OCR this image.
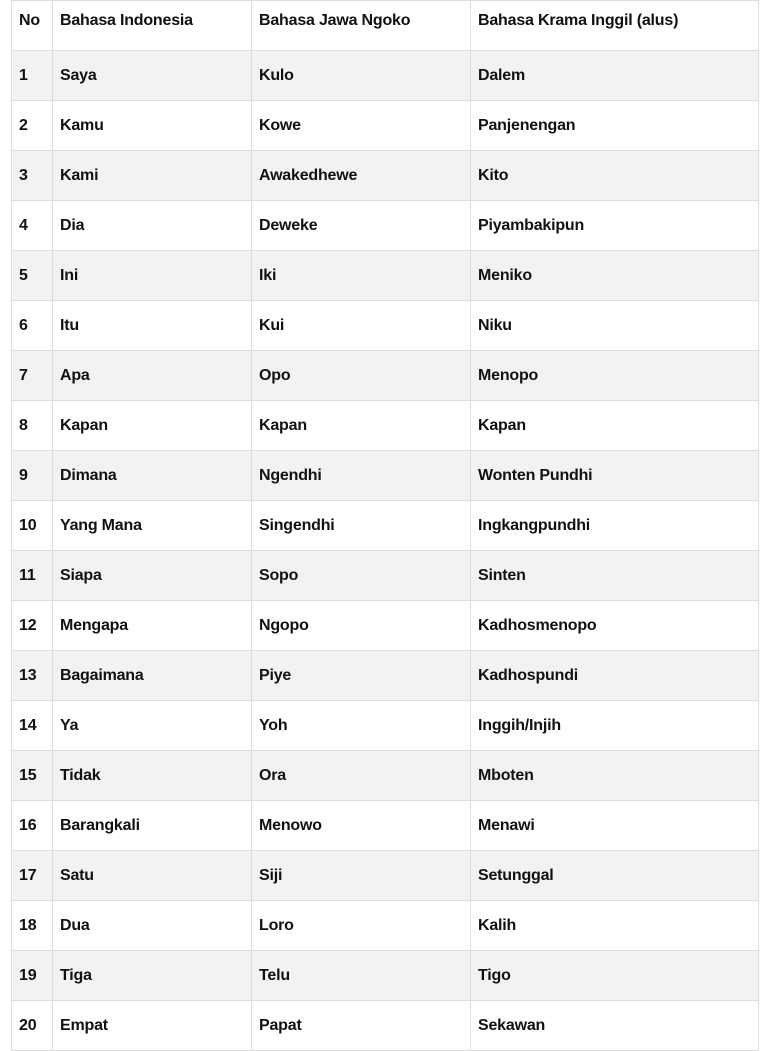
No	Bahasa Indonesia	Bahasa Jawa Ngoko	Bahasa Krama Inggil (alus)
1	Saya	Kulo	Dalem
2	Kamu	Kowe	Panjenengan
3	Kami	Awakedhewe	Kito
4	Dia	Deweke	Piyambakipun
5	Ini	Iki	Meniko
6	Itu	Kui	Niku
7	Apa	Opo	Menopo
8	Kapan	Kapan	Kapan
9	Dimana	Ngendhi	Wonten Pundhi
10	Yang Mana	Singendhi	Ingkangpundhi
11	Siapa	Sopo	Sinten
12	Mengapa	Ngopo	Kadhosmenopo
13	Bagaimana	Piye	Kadhospundi
14	Ya	Yoh	Inggih/Injih
15	Tidak	Ora	Mboten
16	Barangkali	Menowo	Menawi
17	Satu	Siji	Setunggal
18	Dua	Loro	Kalih
19	Tiga	Telu	Tigo
20	Empat	Papat	Sekawan
